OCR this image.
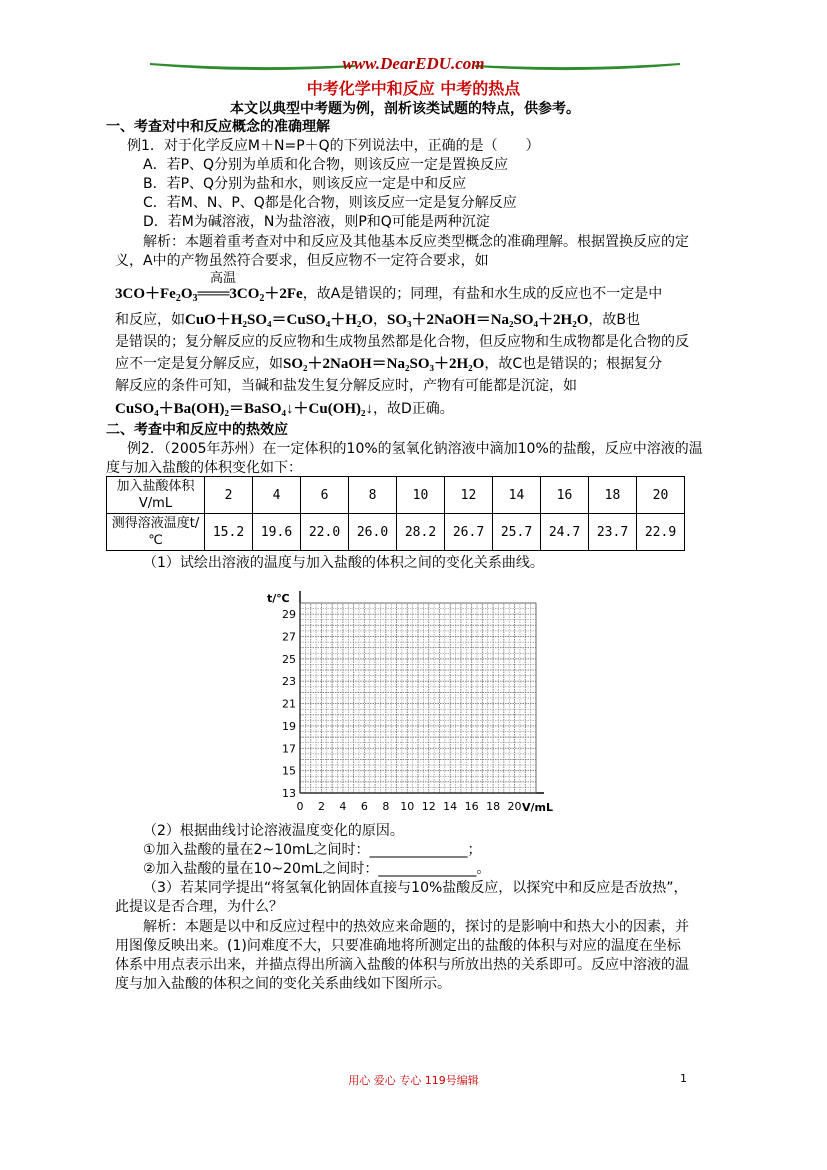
www.DearEDU.com
中考化学中和反应 中考的热点
本文以典型中考题为例，剖析该类试题的特点，供参考。
一、考查对中和反应概念的准确理解
例1．对于化学反应M＋N=P＋Q的下列说法中，正确的是（　　）
A．若P、Q分别为单质和化合物，则该反应一定是置换反应
B．若P、Q分别为盐和水，则该反应一定是中和反应
C．若M、N、P、Q都是化合物，则该反应一定是复分解反应
D．若M为碱溶液，N为盐溶液，则P和Q可能是两种沉淀
解析：本题着重考查对中和反应及其他基本反应类型概念的准确理解。根据置换反应的定
义，A中的产物虽然符合要求，但反应物不一定符合要求，如
高温
$3CO+Fe_2O_3═══3CO_2+2Fe$，故A是错误的；同理，有盐和水生成的反应也不一定是中
和反应，如CuO＋H₂SO₄＝CuSO₄＋H₂O，SO₃＋2NaOH＝Na₂SO₄＋2H₂O，故B也
是错误的；复分解反应的反应物和生成物虽然都是化合物，但反应物和生成物都是化合物的反
应不一定是复分解反应，如SO₂＋2NaOH＝Na₂SO₃＋2H₂O，故C也是错误的；根据复分
解反应的条件可知，当碱和盐发生复分解反应时，产物有可能都是沉淀，如
CuSO₄＋Ba(OH)₂＝BaSO₄↓＋Cu(OH)₂↓，故D正确。
二、考查中和反应中的热效应
例2．（2005年苏州）在一定体积的10%的氢氧化钠溶液中滴加10%的盐酸，反应中溶液的温
度与加入盐酸的体积变化如下：
加入盐酸体积V/mL	2	4	6	8	10	12	14	16	18	20
测得溶液温度t/℃	15.2	19.6	22.0	26.0	28.2	26.7	25.7	24.7	23.7	22.9
（1）试绘出溶液的温度与加入盐酸的体积之间的变化关系曲线。
13
15
17
19
21
23
25
27
29
0 2 4 6 8 10 12 14 16 18 20
t/℃
V/mL
（2）根据曲线讨论溶液温度变化的原因。
①加入盐酸的量在2~10mL之间时：______________；
②加入盐酸的量在10~20mL之间时：______________。
（3）若某同学提出“将氢氧化钠固体直接与10%盐酸反应，以探究中和反应是否放热”，
此提议是否合理，为什么？
解析：本题是以中和反应过程中的热效应来命题的，探讨的是影响中和热大小的因素，并
用图像反映出来。(1)问难度不大，只要准确地将所测定出的盐酸的体积与对应的温度在坐标
体系中用点表示出来，并描点得出所滴入盐酸的体积与所放出热的关系即可。反应中溶液的温
度与加入盐酸的体积之间的变化关系曲线如下图所示。
用心 爱心 专心 119号编辑	1
